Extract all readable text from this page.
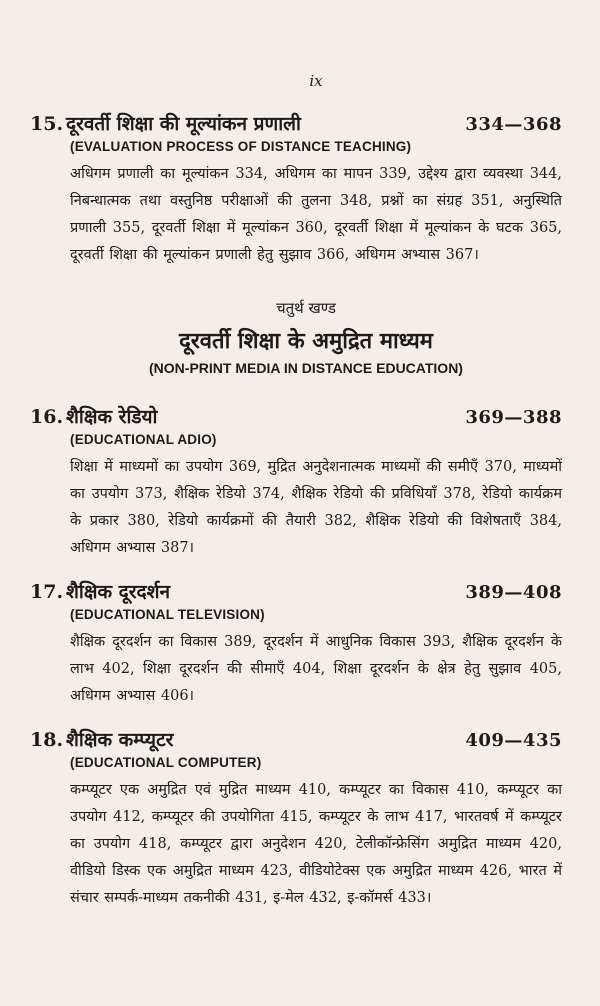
ix
15. दूरवर्ती शिक्षा की मूल्यांकन प्रणाली	334—368
(EVALUATION PROCESS OF DISTANCE TEACHING)
अधिगम प्रणाली का मूल्यांकन 334, अधिगम का मापन 339, उद्देश्य द्वारा व्यवस्था 344, निबन्धात्मक तथा वस्तुनिष्ठ परीक्षाओं की तुलना 348, प्रश्नों का संग्रह 351, अनुस्थिति प्रणाली 355, दूरवर्ती शिक्षा में मूल्यांकन 360, दूरवर्ती शिक्षा में मूल्यांकन के घटक 365, दूरवर्ती शिक्षा की मूल्यांकन प्रणाली हेतु सुझाव 366, अधिगम अभ्यास 367।
चतुर्थ खण्ड
दूरवर्ती शिक्षा के अमुद्रित माध्यम
(NON-PRINT MEDIA IN DISTANCE EDUCATION)
16. शैक्षिक रेडियो	369—388
(EDUCATIONAL ADIO)
शिक्षा में माध्यमों का उपयोग 369, मुद्रित अनुदेशनात्मक माध्यमों की समीएँ 370, माध्यमों का उपयोग 373, शैक्षिक रेडियो 374, शैक्षिक रेडियो की प्रविधियाँ 378, रेडियो कार्यक्रम के प्रकार 380, रेडियो कार्यक्रमों की तैयारी 382, शैक्षिक रेडियो की विशेषताएँ 384, अधिगम अभ्यास 387।
17. शैक्षिक दूरदर्शन	389—408
(EDUCATIONAL TELEVISION)
शैक्षिक दूरदर्शन का विकास 389, दूरदर्शन में आधुनिक विकास 393, शैक्षिक दूरदर्शन के लाभ 402, शिक्षा दूरदर्शन की सीमाएँ 404, शिक्षा दूरदर्शन के क्षेत्र हेतु सुझाव 405, अधिगम अभ्यास 406।
18. शैक्षिक कम्प्यूटर	409—435
(EDUCATIONAL COMPUTER)
कम्प्यूटर एक अमुद्रित एवं मुद्रित माध्यम 410, कम्प्यूटर का विकास 410, कम्प्यूटर का उपयोग 412, कम्प्यूटर की उपयोगिता 415, कम्प्यूटर के लाभ 417, भारतवर्ष में कम्प्यूटर का उपयोग 418, कम्प्यूटर द्वारा अनुदेशन 420, टेलीकॉन्फ्रेसिंग अमुद्रित माध्यम 420, वीडियो डिस्क एक अमुद्रित माध्यम 423, वीडियोटेक्स एक अमुद्रित माध्यम 426, भारत में संचार सम्पर्क-माध्यम तकनीकी 431, इ-मेल 432, इ-कॉमर्स 433।
